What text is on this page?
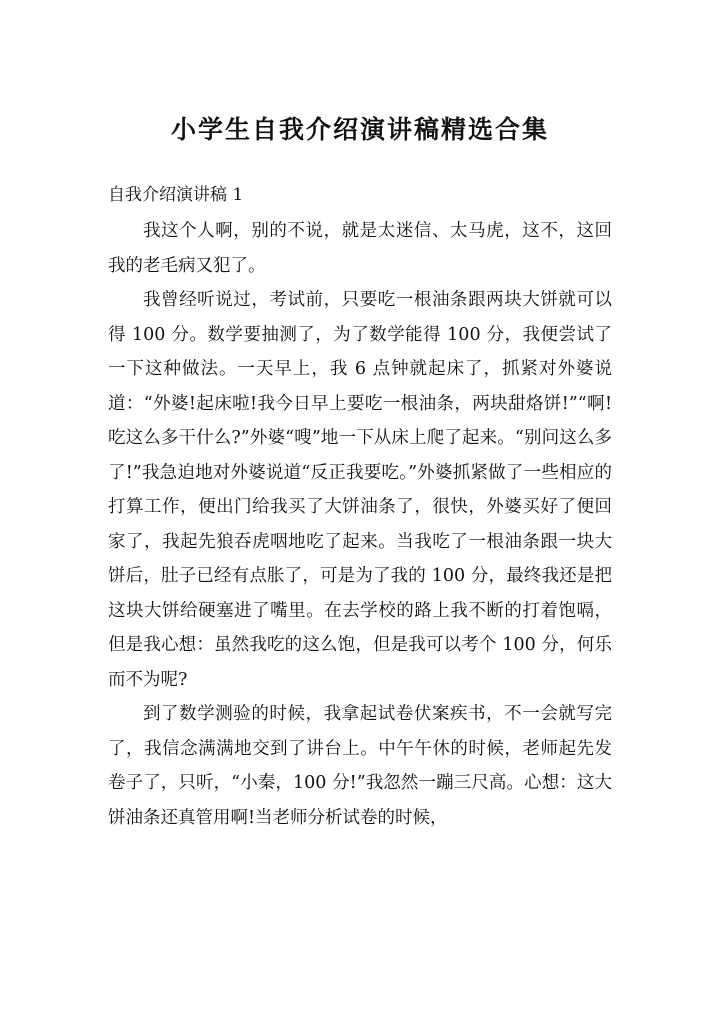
小学生自我介绍演讲稿精选合集
自我介绍演讲稿 1

我这个人啊，别的不说，就是太迷信、太马虎，这不，这回我的老毛病又犯了。

我曾经听说过，考试前，只要吃一根油条跟两块大饼就可以得 100 分。数学要抽测了，为了数学能得 100 分，我便尝试了一下这种做法。一天早上，我 6 点钟就起床了，抓紧对外婆说道：“外婆!起床啦!我今日早上要吃一根油条，两块甜烙饼!”“啊!吃这么多干什么?”外婆“嗖”地一下从床上爬了起来。“别问这么多了!”我急迫地对外婆说道“反正我要吃。”外婆抓紧做了一些相应的打算工作，便出门给我买了大饼油条了，很快，外婆买好了便回家了，我起先狼吞虎咽地吃了起来。当我吃了一根油条跟一块大饼后，肚子已经有点胀了，可是为了我的 100 分，最终我还是把这块大饼给硬塞进了嘴里。在去学校的路上我不断的打着饱嗝，但是我心想：虽然我吃的这么饱，但是我可以考个 100 分，何乐而不为呢?

到了数学测验的时候，我拿起试卷伏案疾书，不一会就写完了，我信念满满地交到了讲台上。中午午休的时候，老师起先发卷子了，只听，“小秦，100 分!”我忽然一蹦三尺高。心想：这大饼油条还真管用啊!当老师分析试卷的时候，
